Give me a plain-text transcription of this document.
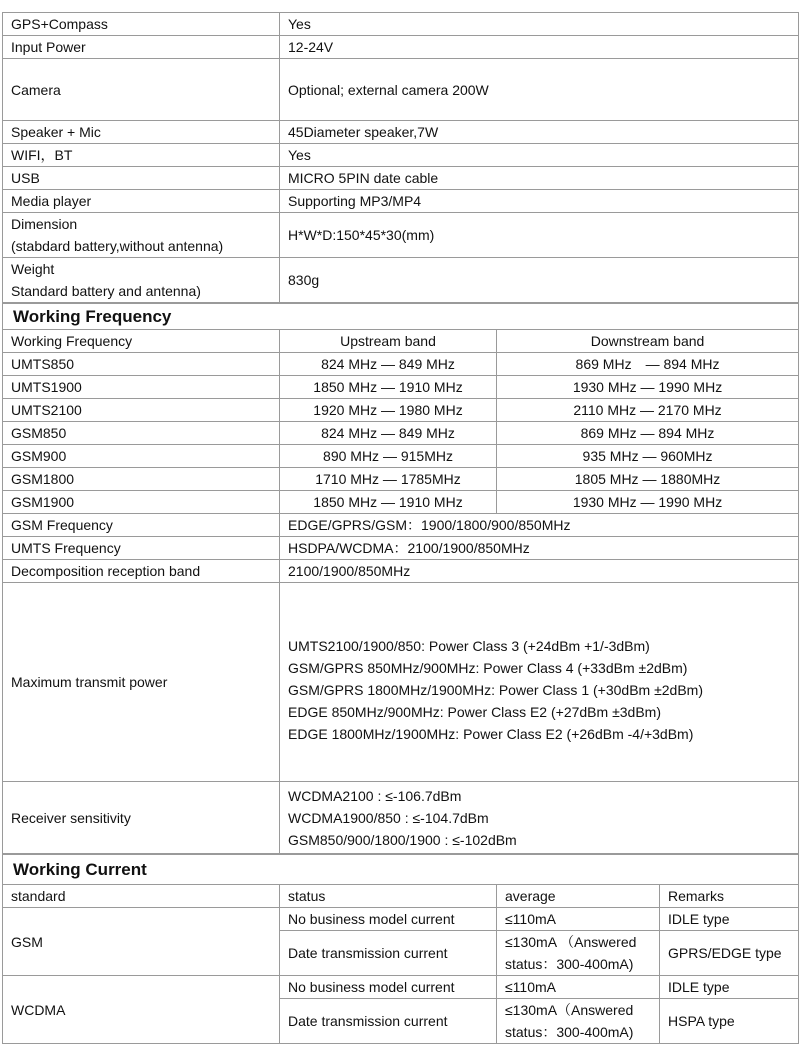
GPS+Compass	Yes
Input Power	12-24V
Camera	Optional; external camera 200W
Speaker + Mic	45Diameter speaker,7W
WIFI，BT	Yes
USB	MICRO 5PIN date cable
Media player	Supporting MP3/MP4

Dimension
(stabdard battery,without antenna)	H*W*D:150*45*30(mm)

Weight
Standard battery and antenna)	830g
Working Frequency		
Working Frequency	Upstream band	Downstream band
UMTS850	824 MHz — 849 MHz	869 MHz　— 894 MHz
UMTS1900	1850 MHz — 1910 MHz	1930 MHz — 1990 MHz
UMTS2100	1920 MHz — 1980 MHz	2110 MHz — 2170 MHz
GSM850	824 MHz — 849 MHz	869 MHz — 894 MHz
GSM900	890 MHz — 915MHz	935 MHz — 960MHz
GSM1800	1710 MHz — 1785MHz	1805 MHz — 1880MHz
GSM1900	1850 MHz — 1910 MHz	1930 MHz — 1990 MHz
GSM Frequency	EDGE/GPRS/GSM：1900/1800/900/850MHz	
UMTS Frequency	HSDPA/WCDMA：2100/1900/850MHz	
Decomposition reception band	2100/1900/850MHz	
Maximum transmit power	UMTS2100/1900/850: Power Class 3 (+24dBm +1/-3dBm)
GSM/GPRS 850MHz/900MHz: Power Class 4 (+33dBm ±2dBm)
GSM/GPRS 1800MHz/1900MHz: Power Class 1 (+30dBm ±2dBm)
EDGE 850MHz/900MHz: Power Class E2 (+27dBm ±3dBm)
EDGE 1800MHz/1900MHz: Power Class E2 (+26dBm -4/+3dBm)	

Receiver sensitivity	WCDMA2100 : ≤-106.7dBm
WCDMA1900/850 : ≤-104.7dBm
GSM850/900/1800/1900 : ≤-102dBm	
Working Current			
standard	status	average	Remarks
GSM	No business model current	≤110mA	IDLE type
	Date transmission current	≤130mA （Answered
status：300-400mA)	GPRS/EDGE type
WCDMA	No business model current	≤110mA	IDLE type
	Date transmission current	≤130mA（Answered
status：300-400mA)	HSPA type
